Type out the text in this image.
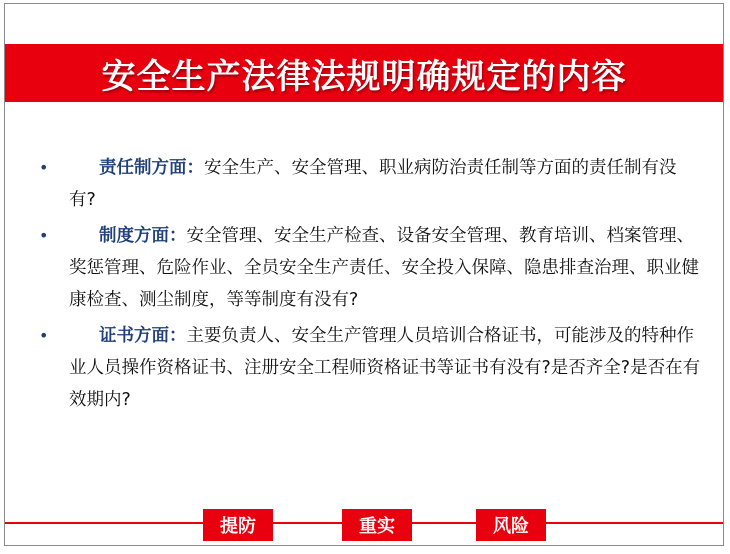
安全生产法律法规明确规定的内容
•	责任制方面：安全生产、安全管理、职业病防治责任制等方面的责任制有没有?
•	制度方面：安全管理、安全生产检查、设备安全管理、教育培训、档案管理、奖惩管理、危险作业、全员安全生产责任、安全投入保障、隐患排查治理、职业健康检查、测尘制度，等等制度有没有?
•	证书方面：主要负责人、安全生产管理人员培训合格证书，可能涉及的特种作业人员操作资格证书、注册安全工程师资格证书等证书有没有?是否齐全?是否在有效期内?
提防	重实	风险
